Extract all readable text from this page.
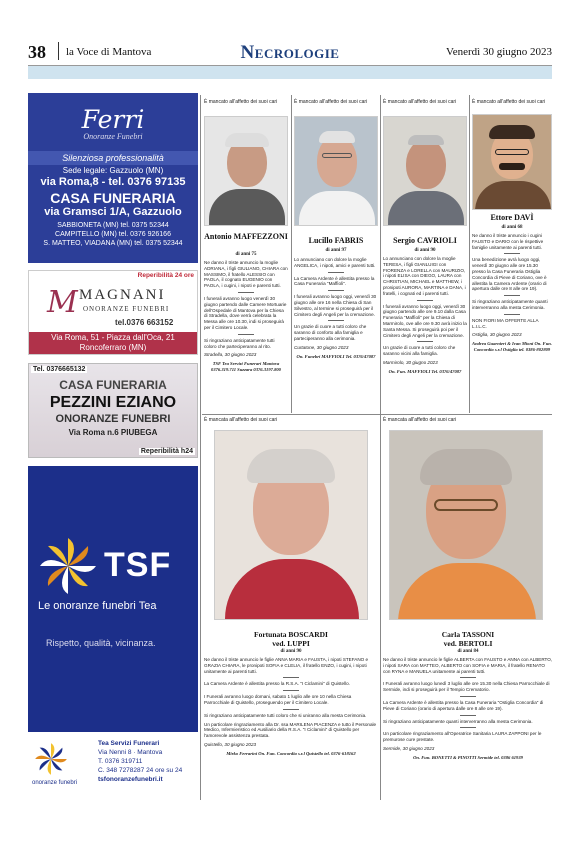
38 la Voce di Mantova	Necrologie	Venerdì 30 giugno 2023
Ferri
Onoranze Funebri
Silenziosa professionalità
Sede legale: Gazzuolo (MN)
via Roma,8 - tel. 0376 97135
CASA FUNERARIA
via Gramsci 1/A, Gazzuolo
SABBIONETA (MN) tel. 0375 52344
CAMPITELLO (MN) tel. 0376 926166
S. MATTEO, VIADANA (MN) tel. 0375 52344
Reperibilità 24 ore
M MAGNANI
ONORANZE FUNEBRI
tel.0376 663152
Via Roma, 51 - Piazza dall'Oca, 21
Roncoferraro (MN)
Tel. 0376665132
CASA FUNERARIA
PEZZINI EZIANO
ONORANZE FUNEBRI
Via Roma n.6 PIUBEGA
Reperibilità h24
TSF
Le onoranze funebri Tea
Rispetto, qualità, vicinanza.
onoranze funebri
Tea Servizi Funerari
Via Nenni 8 · Mantova
T. 0376 319711
C. 348 7278287 24 ore su 24
tsfonoranzefunebri.it
È mancato all'affetto dei suoi cari
Antonio MAFFEZZONI
di anni 75

Ne danno il triste annuncio la moglie ADRIANA, i figli GIULIANO, CHIARA con MASSIMO, il fratello ALESSIO con PAOLA, il cognato EUGENIO con PAOLA, i cugini, i nipoti e parenti tutti.

I funerali avranno luogo venerdì 30 giugno partendo dalle Camere Mortuarie dell'Ospedale di Mantova per la Chiesa di Stradella, dove verrà celebrata la Messa alle ore 10.30, indi si proseguirà per il Cimitero Locale.

Si ringraziano anticipatamente tutti coloro che parteciperanno al rito.

Stradella, 30 giugno 2023

TSF Tea Servizi Funerari Mantova 0376.319.711 Suzzara 0376.3197.800
È mancato all'affetto dei suoi cari
Lucillo FABRIS
di anni 97

Lo annunciano con dolore la moglie ANGELICA, i nipoti, amici e parenti tutti.

La Camera Ardente è allestita presso la Casa Funeraria "Maffioli".

I funerali avranno luogo oggi, venerdì 30 giugno alle ore 16 nella Chiesa di San Silvestro, al termine si proseguirà per il Cimitero degli Angeli per la cremazione.

Un grazie di cuore a tutti coloro che saranno di conforto alla famiglia e parteciperanno alla cerimonia.

Curtatone, 30 giugno 2023

On. Funebri MAFFIOLI Tel. 0376/47087
È mancato all'affetto dei suoi cari
Sergio CAVRIOLI
di anni 90

Lo annunciano con dolore la moglie TERESA, i figli GIANLUIGI con FIORENZA e LORELLA con MAURIZIO, i nipoti ELISA con DIEGO, LAURA con CHRISTIAN, MICHAEL e MATTHEW, i pronipoti AURORA, MARTINA e DANA, i fratelli, i cognati ed i parenti tutti.

I funerali avranno luogo oggi, venerdì 30 giugno partendo alle ore 9.10 dalla Casa Funeraria "Maffioli" per la Chiesa di Marmirolo, ove alle ore 9.30 avrà inizio la Santa Messa. Si proseguirà poi per il Cimitero degli Angeli per la cremazione.

Un grazie di cuore a tutti coloro che saranno vicini alla famiglia.

Marmirolo, 30 giugno 2023

On. Fun. MAFFIOLI Tel. 0376/47087
È mancato all'affetto dei suoi cari
Ettore DAVÌ
di anni 68

Ne danno il triste annuncio i cugini FAUSTO e DARIO con le rispettive famiglie unitamente ai parenti tutti.

Una benedizione avrà luogo oggi, venerdì 30 giugno alle ore 15.30 presso la Casa Funeraria Ostiglia Concordia di Pieve di Coriano, ove è allestita la Camera Ardente (orario di apertura dalle ore 8 alle ore 19).

Si ringraziano anticipatamente quanti interverranno alla mesta Cerimonia.

NON FIORI MA OFFERTE ALLA L.I.L.C.

Ostiglia, 30 giugno 2023

Andrea Guarnieri & Ivan Mioni On. Fun. Concordia s.r.l Ostiglia tel. 0386-802809
È mancata all'affetto dei suoi cari
Fortunata BOSCARDI
ved. LUPPI
di anni 90

Ne danno il triste annuncio le figlie ANNA MARIA e FAUSTA, i nipoti STEFANO e GRAZIA CHIARA, le pronipoti SOFIA e CLELIA, il fratello ENZO, i cugini, i nipoti unitamente ai parenti tutti.

La Camera Ardente è allestita presso la R.S.A. "I Ciclamini" di Quistello.

I Funerali avranno luogo domani, sabato 1 luglio alle ore 10 nella Chiesa Parrocchiale di Quistello, proseguendo per il Cimitero Locale.

Si ringraziano anticipatamente tutti coloro che si uniranno alla mesta Cerimonia.

Un particolare ringraziamento alla Dr. ssa MARILENA PIACENZA e tutto il Personale Medico, Infermieristico ed Ausiliario della R.S.A. "I Ciclamini" di Quistello per l'amorevole assistenza prestata.

Quistello, 30 giugno 2023

Mirko Ferrarini On. Fun. Concordia s.r.l Quistello tel. 0376-618162
È mancata all'affetto dei suoi cari
Carla TASSONI
ved. BERTOLI
di anni 84

Ne danno il triste annuncio le figlie ALBERTA con FAUSTO e ANNA con ALBERTO, i nipoti SARA con MATTEO, ALBERTO con SOFIA e MARIA, il fratello RENATO con RYNA e MANUELA unitamente ai parenti tutti.

I Funerali avranno luogo lunedì 3 luglio alle ore 15.30 nella Chiesa Parrocchiale di Sermide, indi si proseguirà per il Tempio Crematorio.

La Camera Ardente è allestita presso la Casa Funeraria "Ostiglia Concordia" di Pieve di Coriano (orario di apertura dalle ore 8 alle ore 19).

Si ringraziano anticipatamente quanti interverranno alla mesta Cerimonia.

Un particolare ringraziamento all'Operatrice Sanitaria LAURA ZAPPONI per le premurose cure prestate.

Sermide, 30 giugno 2023

On. Fun. BONETTI & PINOTTI Sermide tel. 0386 61939
